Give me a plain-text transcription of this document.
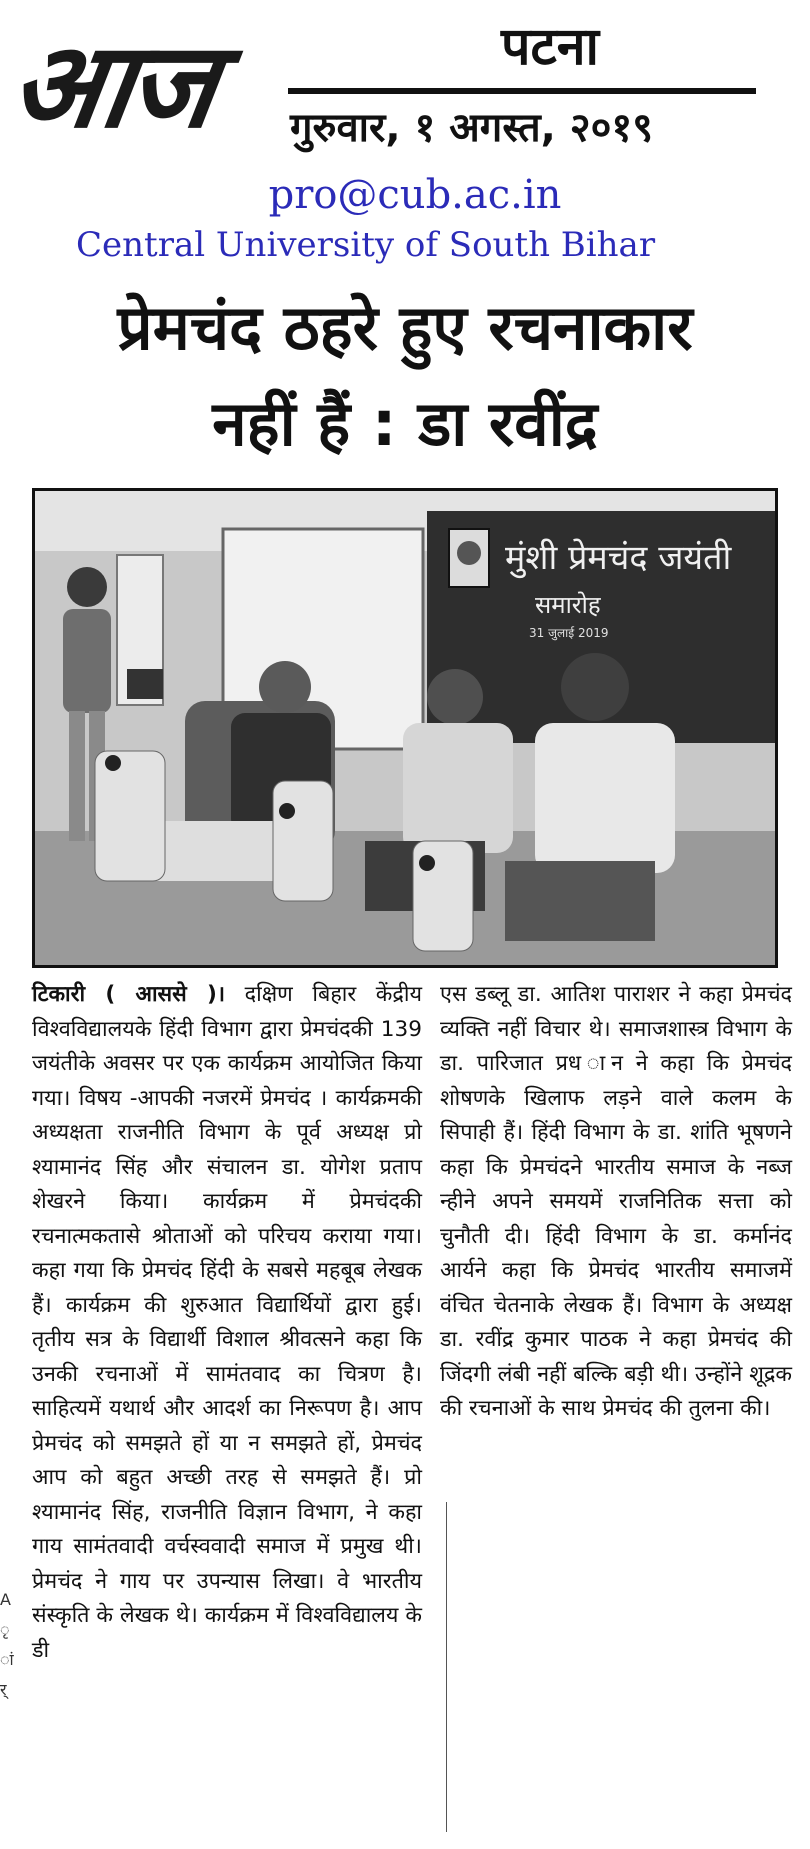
आज	पटना
गुरुवार, १ अगस्त, २०१९
pro@cub.ac.in
Central University of South Bihar
प्रेमचंद ठहरे हुए रचनाकार
नहीं हैं : डा रवींद्र
मुंशी प्रेमचंद जयंती
समारोह
31 जुलाई 2019
टिकारी ( आससे )। दक्षिण बिहार केंद्रीय विश्वविद्यालयके हिंदी विभाग द्वारा प्रेमचंदकी 139 जयंतीके अवसर पर एक कार्यक्रम आयोजित किया गया। विषय -आपकी नजरमें प्रेमचंद । कार्यक्रमकी अध्यक्षता राजनीति विभाग के पूर्व अध्यक्ष प्रो श्यामानंद सिंह और संचालन डा. योगेश प्रताप शेखरने किया। कार्यक्रम में प्रेमचंदकी रचनात्मकतासे श्रोताओं को परिचय कराया गया। कहा गया कि प्रेमचंद हिंदी के सबसे महबूब लेखक हैं। कार्यक्रम की शुरुआत विद्यार्थियों द्वारा हुई। तृतीय सत्र के विद्यार्थी विशाल श्रीवत्सने कहा कि उनकी रचनाओं में सामंतवाद का चित्रण है। साहित्यमें यथार्थ और आदर्श का निरूपण है। आप प्रेमचंद को समझते हों या न समझते हों, प्रेमचंद आप को बहुत अच्छी तरह से समझते हैं। प्रो श्यामानंद सिंह, राजनीति विज्ञान विभाग, ने कहा गाय सामंतवादी वर्चस्ववादी समाज में प्रमुख थी। प्रेमचंद ने गाय पर उपन्यास लिखा। वे भारतीय संस्कृति के लेखक थे। कार्यक्रम में विश्वविद्यालय के डी
एस डब्लू डा. आतिश पाराशर ने कहा प्रेमचंद व्यक्ति नहीं विचार थे। समाजशास्त्र विभाग के डा. पारिजात प्रध ान ने कहा कि प्रेमचंद शोषणके खिलाफ लड़ने वाले कलम के सिपाही हैं। हिंदी विभाग के डा. शांति भूषणने कहा कि प्रेमचंदने भारतीय समाज के नब्ज न्हीने अपने समयमें राजनितिक सत्ता को चुनौती दी। हिंदी विभाग के डा. कर्मानंद आर्यने कहा कि प्रेमचंद भारतीय समाजमें वंचित चेतनाके लेखक हैं। विभाग के अध्यक्ष डा. रवींद्र कुमार पाठक ने कहा प्रेमचंद की जिंदगी लंबी नहीं बल्कि बड़ी थी। उन्होंने शूद्रक की रचनाओं के साथ प्रेमचंद की तुलना की।
A
ृ
ां
र्
